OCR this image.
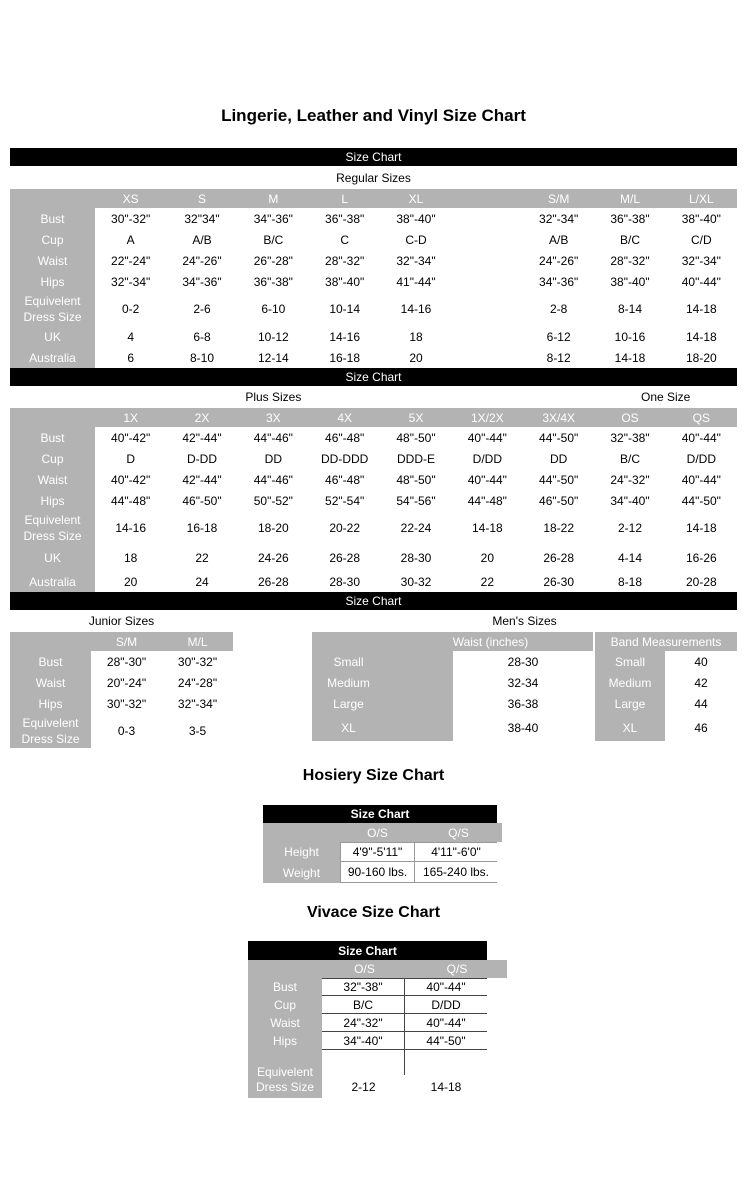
Lingerie, Leather and Vinyl Size Chart
Size Chart
Regular Sizes
XS	S	M	L	XL	S/M	M/L	L/XL
Bust	30"-32"	32"34"	34"-36"	36"-38"	38"-40"	32"-34"	36"-38"	38"-40"
Cup	A	A/B	B/C	C	C-D	A/B	B/C	C/D
Waist	22"-24"	24"-26"	26"-28"	28"-32"	32"-34"	24"-26"	28"-32"	32"-34"
Hips	32"-34"	34"-36"	36"-38"	38"-40"	41"-44"	34"-36"	38"-40"	40"-44"
Equivelent Dress Size
0-2	2-6	6-10	10-14	14-16	2-8	8-14	14-18
UK	4	6-8	10-12	14-16	18	6-12	10-16	14-18
Australia	6	8-10	12-14	16-18	20	8-12	14-18	18-20
Size Chart
Plus Sizes	One Size
1X	2X	3X	4X	5X	1X/2X	3X/4X	OS	QS
Bust	40"-42"	42"-44"	44"-46"	46"-48"	48"-50"	40"-44"	44"-50"	32"-38"	40"-44"
Cup	D	D-DD	DD	DD-DDD	DDD-E	D/DD	DD	B/C	D/DD
Waist	40"-42"	42"-44"	44"-46"	46"-48"	48"-50"	40"-44"	44"-50"	24"-32"	40"-44"
Hips	44"-48"	46"-50"	50"-52"	52"-54"	54"-56"	44"-48"	46"-50"	34"-40"	44"-50"
Equivelent Dress Size
14-16	16-18	18-20	20-22	22-24	14-18	18-22	2-12	14-18
UK	18	22	24-26	26-28	28-30	20	26-28	4-14	16-26
Australia	20	24	26-28	28-30	30-32	22	26-30	8-18	20-28
Size Chart
Junior Sizes	Men's Sizes
S/M	M/L
Bust	28"-30"	30"-32"
Waist	20"-24"	24"-28"
Hips	30"-32"	32"-34"
Equivelent Dress Size
0-3	3-5
Waist (inches)
Small	28-30
Medium	32-34
Large	36-38
XL	38-40
Band Measurements
Small	40
Medium	42
Large	44
XL	46
Hosiery Size Chart
Size Chart
O/S	Q/S
Height	4'9"-5'11"	4'11"-6'0"
Weight	90-160 lbs.	165-240 lbs.
Vivace Size Chart
Size Chart
O/S	Q/S
Bust	32"-38"	40"-44"
Cup	B/C	D/DD
Waist	24"-32"	40"-44"
Hips	34"-40"	44"-50"
Equivelent Dress Size	2-12	14-18
